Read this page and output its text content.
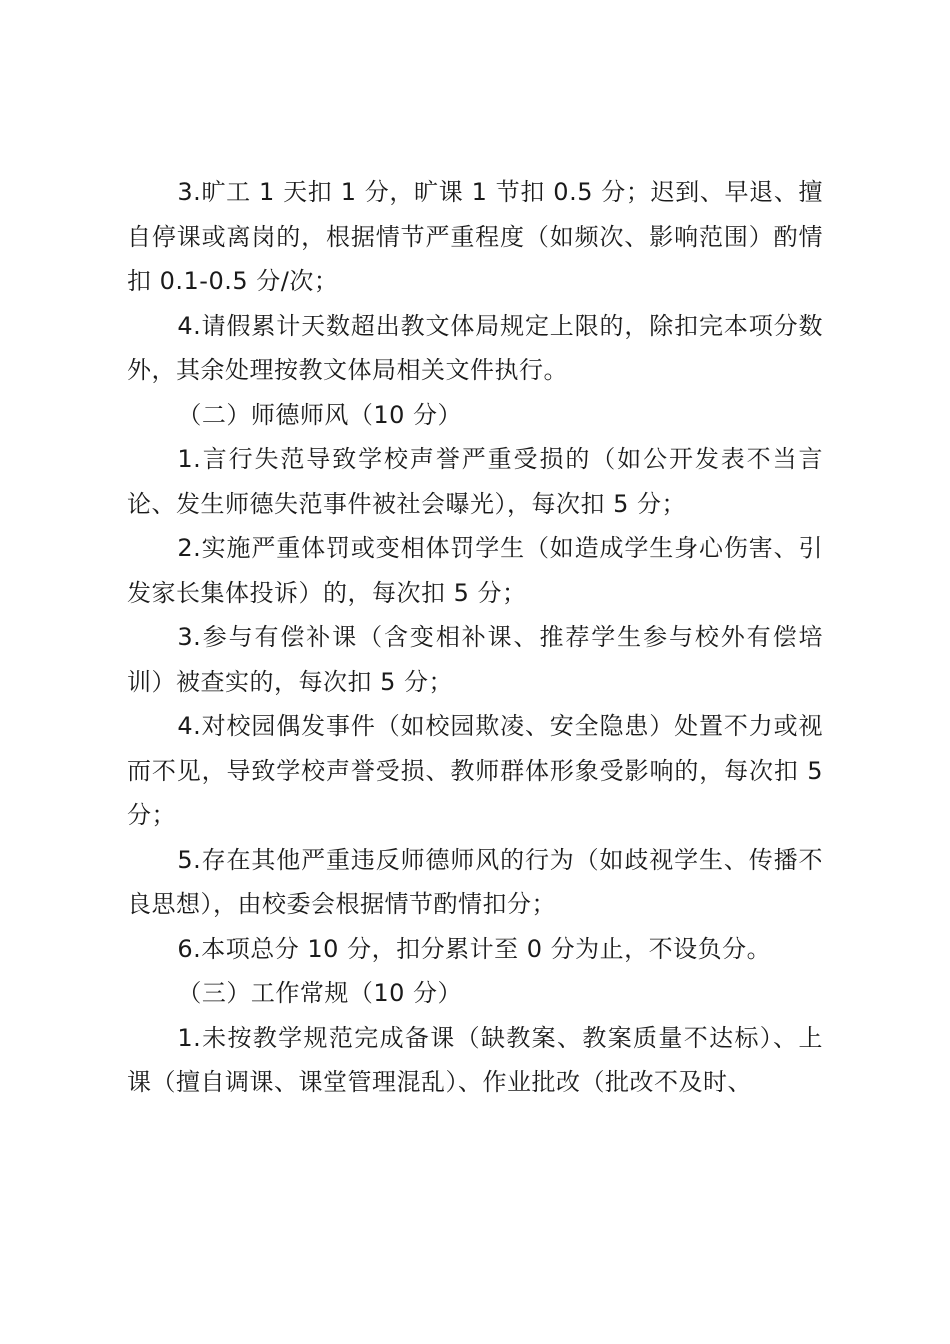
3.旷工 1 天扣 1 分，旷课 1 节扣 0.5 分；迟到、早退、擅自停课或离岗的，根据情节严重程度（如频次、影响范围）酌情扣 0.1-0.5 分/次；

4.请假累计天数超出教文体局规定上限的，除扣完本项分数外，其余处理按教文体局相关文件执行。

（二）师德师风（10 分）

1.言行失范导致学校声誉严重受损的（如公开发表不当言论、发生师德失范事件被社会曝光），每次扣 5 分；

2.实施严重体罚或变相体罚学生（如造成学生身心伤害、引发家长集体投诉）的，每次扣 5 分；

3.参与有偿补课（含变相补课、推荐学生参与校外有偿培训）被查实的，每次扣 5 分；

4.对校园偶发事件（如校园欺凌、安全隐患）处置不力或视而不见，导致学校声誉受损、教师群体形象受影响的，每次扣 5 分；

5.存在其他严重违反师德师风的行为（如歧视学生、传播不良思想），由校委会根据情节酌情扣分；

6.本项总分 10 分，扣分累计至 0 分为止，不设负分。

（三）工作常规（10 分）

1.未按教学规范完成备课（缺教案、教案质量不达标）、上课（擅自调课、课堂管理混乱）、作业批改（批改不及时、
